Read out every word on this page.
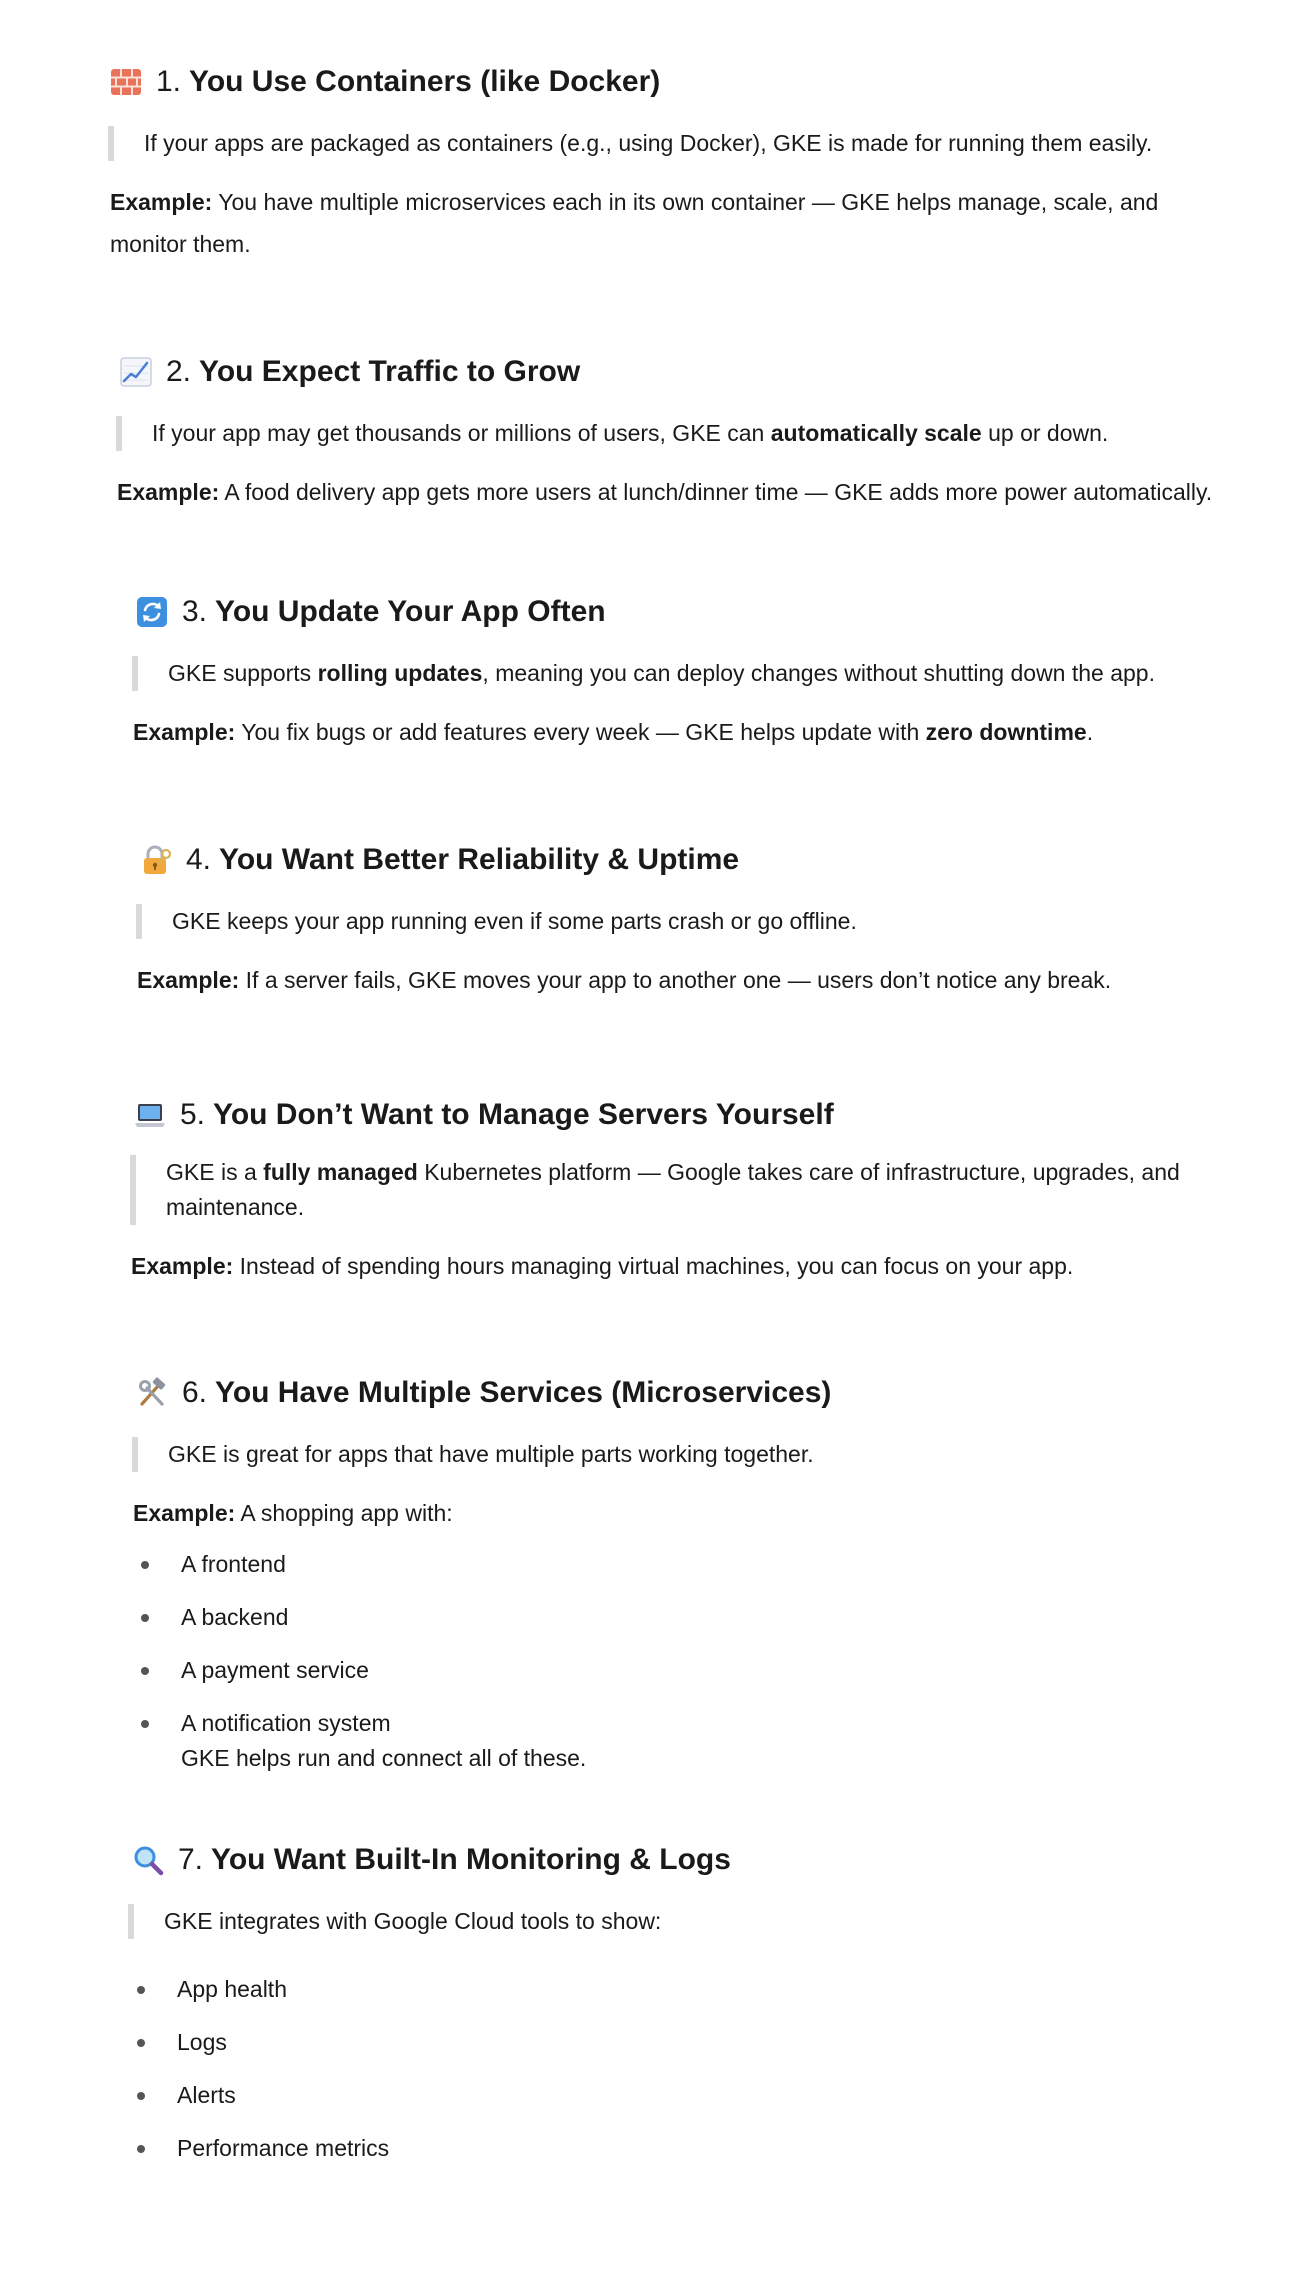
1. You Use Containers (like Docker)

If your apps are packaged as containers (e.g., using Docker), GKE is made for running them easily.

Example: You have multiple microservices each in its own container — GKE helps manage, scale, and monitor them.

2. You Expect Traffic to Grow

If your app may get thousands or millions of users, GKE can automatically scale up or down.

Example: A food delivery app gets more users at lunch/dinner time — GKE adds more power automatically.

3. You Update Your App Often

GKE supports rolling updates, meaning you can deploy changes without shutting down the app.

Example: You fix bugs or add features every week — GKE helps update with zero downtime.

4. You Want Better Reliability & Uptime

GKE keeps your app running even if some parts crash or go offline.

Example: If a server fails, GKE moves your app to another one — users don’t notice any break.

5. You Don’t Want to Manage Servers Yourself

GKE is a fully managed Kubernetes platform — Google takes care of infrastructure, upgrades, and maintenance.

Example: Instead of spending hours managing virtual machines, you can focus on your app.

6. You Have Multiple Services (Microservices)

GKE is great for apps that have multiple parts working together.

Example: A shopping app with:

A frontend
A backend
A payment service
A notification system

GKE helps run and connect all of these.

7. You Want Built-In Monitoring & Logs

GKE integrates with Google Cloud tools to show:

App health
Logs
Alerts
Performance metrics
